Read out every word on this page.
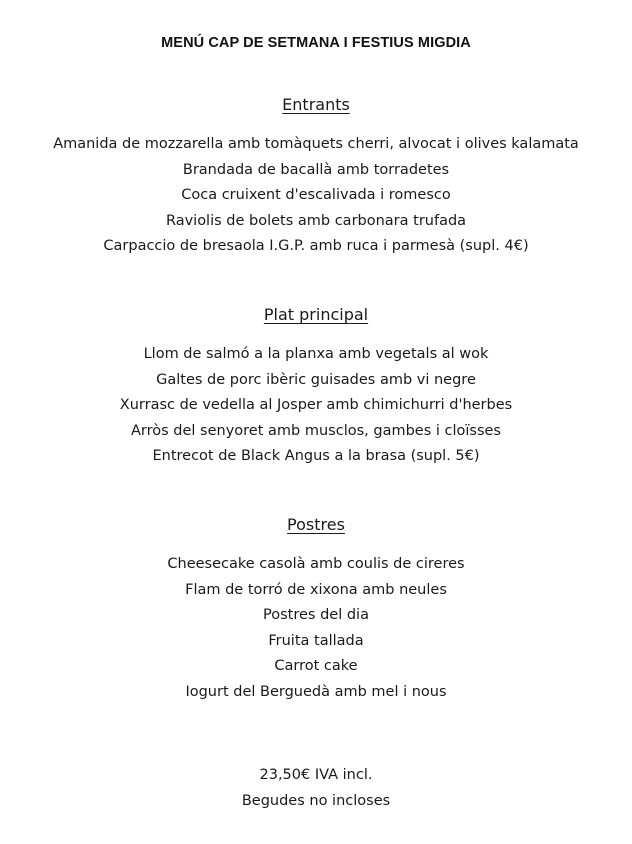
MENÚ CAP DE SETMANA I FESTIUS MIGDIA
Entrants
Amanida de mozzarella amb tomàquets cherri, alvocat i olives kalamata
Brandada de bacallà amb torradetes
Coca cruixent d'escalivada i romesco
Raviolis de bolets amb carbonara trufada
Carpaccio de bresaola I.G.P. amb ruca i parmesà (supl. 4€)
Plat principal
Llom de salmó a la planxa amb vegetals al wok
Galtes de porc ibèric guisades amb vi negre
Xurrasc de vedella al Josper amb chimichurri d'herbes
Arròs del senyoret amb musclos, gambes i cloïsses
Entrecot de Black Angus a la brasa (supl. 5€)
Postres
Cheesecake casolà amb coulis de cireres
Flam de torró de xixona amb neules
Postres del dia
Fruita tallada
Carrot cake
Iogurt del Berguedà amb mel i nous
23,50€ IVA incl.
Begudes no incloses
